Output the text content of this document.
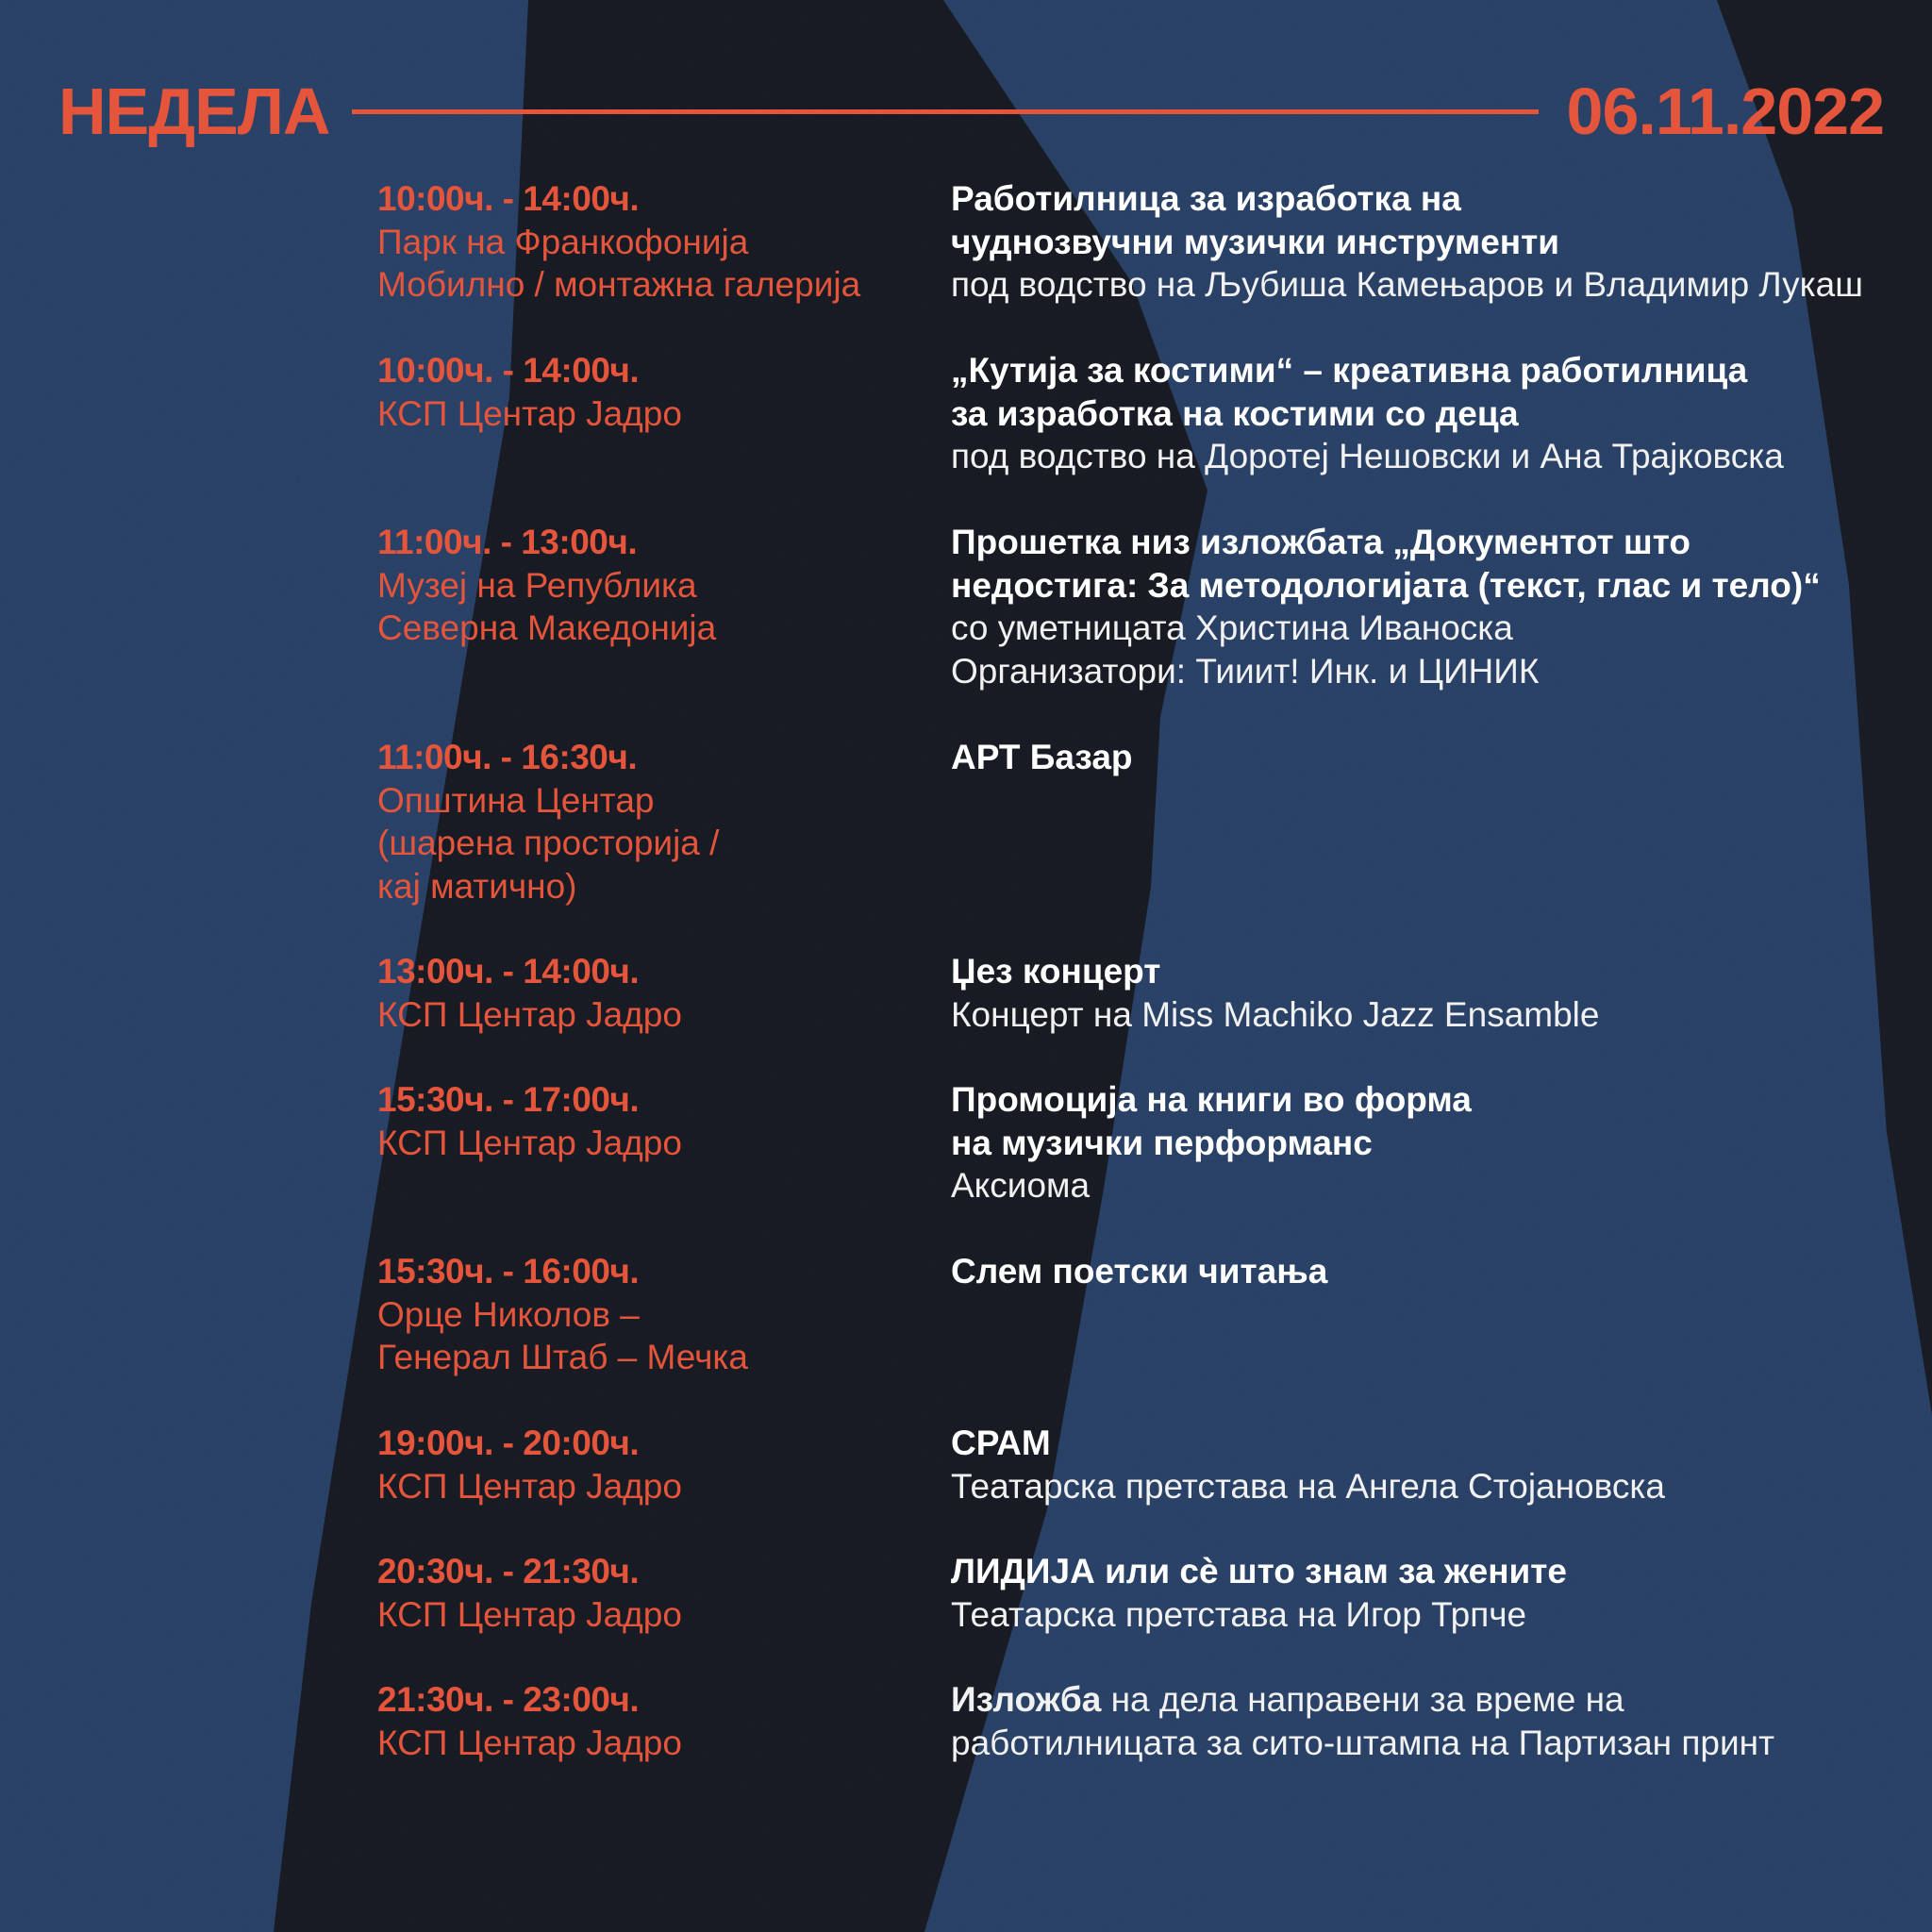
НЕДЕЛА	06.11.2022
10:00ч. - 14:00ч.
Парк на Франкофонија
Мобилно / монтажна галерија
Работилница за изработка на
чуднозвучни музички инструменти
под водство на Љубиша Камењаров и Владимир Лукаш
10:00ч. - 14:00ч.
КСП Центар Јадро
„Кутија за костими“ – креативна работилница
за изработка на костими со деца
под водство на Доротеј Нешовски и Ана Трајковска
11:00ч. - 13:00ч.
Музеј на Република
Северна Македонија
Прошетка низ изложбата „Документот што
недостига: За методологијата (текст, глас и тело)“
со уметницата Христина Иваноска
Организатори: Тииит! Инк. и ЦИНИК
11:00ч. - 16:30ч.
Општина Центар
(шарена просторија /
кај матично)
АРТ Базар
13:00ч. - 14:00ч.
КСП Центар Јадро
Џез концерт
Концерт на Miss Machiko Jazz Ensamble
15:30ч. - 17:00ч.
КСП Центар Јадро
Промоција на книги во форма
на музички перформанс
Аксиома
15:30ч. - 16:00ч.
Орце Николов –
Генерал Штаб – Мечка
Слем поетски читања
19:00ч. - 20:00ч.
КСП Центар Јадро
СРАМ
Театарска претстава на Ангела Стојановска
20:30ч. - 21:30ч.
КСП Центар Јадро
ЛИДИЈА или сѐ што знам за жените
Театарска претстава на Игор Трпче
21:30ч. - 23:00ч.
КСП Центар Јадро
Изложба на дела направени за време на
работилницата за сито-штампа на Партизан принт
